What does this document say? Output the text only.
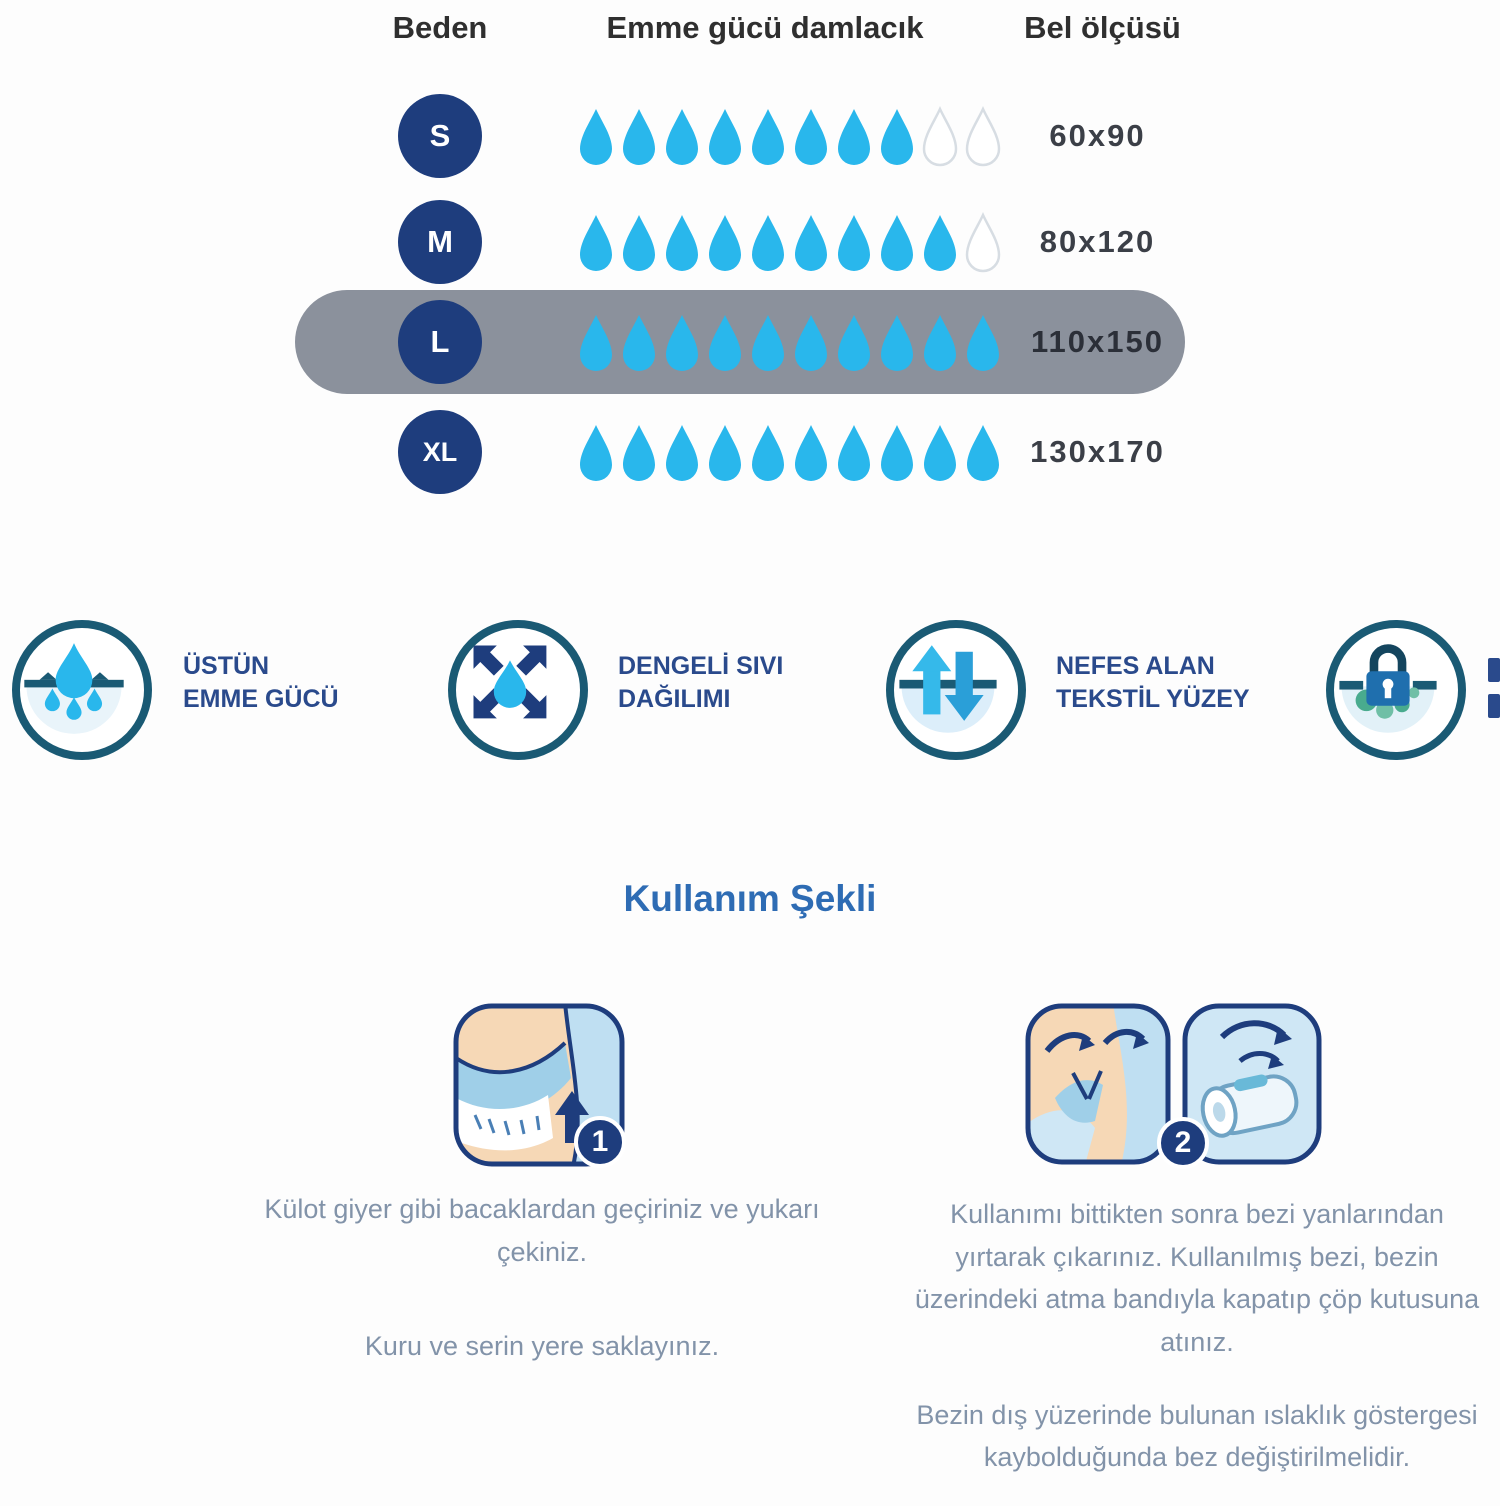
Beden	Emme gücü damlacık	Bel ölçüsü
S	60x90
M	80x120
L	110x150
XL	130x170
ÜSTÜN
EMME GÜCÜ
DENGELİ SIVI
DAĞILIMI
NEFES ALAN
TEKSTİL YÜZEY
Kullanım Şekli
1

Külot giyer gibi bacaklardan geçiriniz ve yukarı çekiniz.

Kuru ve serin yere saklayınız.

2

Kullanımı bittikten sonra bezi yanlarından yırtarak çıkarınız. Kullanılmış bezi, bezin üzerindeki atma bandıyla kapatıp çöp kutusuna atınız.

Bezin dış yüzerinde bulunan ıslaklık göstergesi kaybolduğunda bez değiştirilmelidir.
